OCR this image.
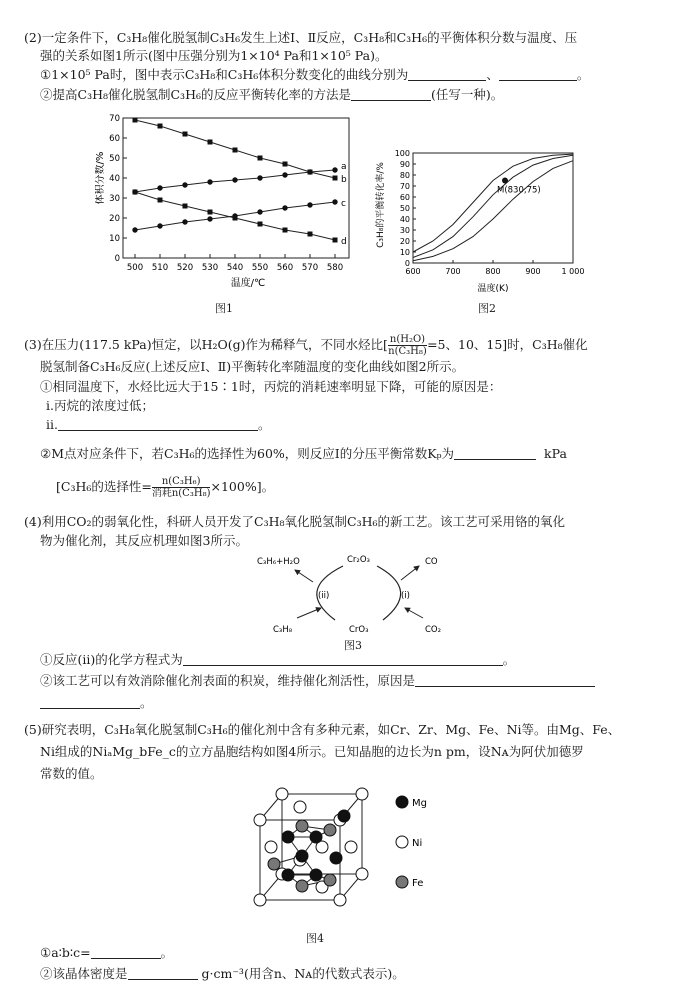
(2)一定条件下，C₃H₈催化脱氢制C₃H₆发生上述Ⅰ、Ⅱ反应，C₃H₈和C₃H₆的平衡体积分数与温度、压
强的关系如图1所示(图中压强分别为1×10⁴ Pa和1×10⁵ Pa)。
①1×10⁵ Pa时，图中表示C₃H₈和C₃H₆体积分数变化的曲线分别为	、	。
②提高C₃H₈催化脱氢制C₃H₆的反应平衡转化率的方法是	(任写一种)。
0
10
20
30
40
50
60
70
500 510 520 530 540 550 560 570 580
a
b
c
d
体积分数/%
温度/℃
图1
0
10
20
30
40
50
60
70
80
90
100
600	700	800	900	1 000
M(830,75)
C₃H₈的平衡转化率/%
温度(K)
图2
(3)在压力(117.5 kPa)恒定，以H₂O(g)作为稀释气，不同水烃比[ $\frac{\text{n(H₂O)}}{\text{n(C₃H₈)}} =5$、10、15]时，C₃H₈催化
脱氢制备C₃H₆反应(上述反应Ⅰ、Ⅱ)平衡转化率随温度的变化曲线如图2所示。
①相同温度下，水烃比远大于15∶1时，丙烷的消耗速率明显下降，可能的原因是：
ⅰ.丙烷的浓度过低；
ⅱ.	。
②M点对应条件下，若C₃H₆的选择性为60%，则反应Ⅰ的分压平衡常数Kₚ为	kPa
[C₃H₆的选择性= $\frac{\text{n(C₃H₆)}}{\text{消耗n(C₃H₈)}} \times 100\%$]。
(4)利用CO₂的弱氧化性，科研人员开发了C₃H₈氧化脱氢制C₃H₆的新工艺。该工艺可采用铬的氧化
物为催化剂，其反应机理如图3所示。
C₃H₆+H₂O
C₃H₈
Cr₂O₃
CrO₃
CO
CO₂
(ii)	(i)
图3
①反应(ⅱ)的化学方程式为	。
②该工艺可以有效消除催化剂表面的积炭，维持催化剂活性，原因是
。
(5)研究表明，C₃H₈氧化脱氢制C₃H₆的催化剂中含有多种元素，如Cr、Zr、Mg、Fe、Ni等。由Mg、Fe、
Ni组成的NiₐMg_bFe_c的立方晶胞结构如图4所示。已知晶胞的边长为n pm，设Nᴀ为阿伏加德罗
常数的值。
Mg
Ni
Fe
图4
①a∶b∶c=	。
②该晶体密度是	g·cm⁻³(用含n、Nᴀ的代数式表示)。
